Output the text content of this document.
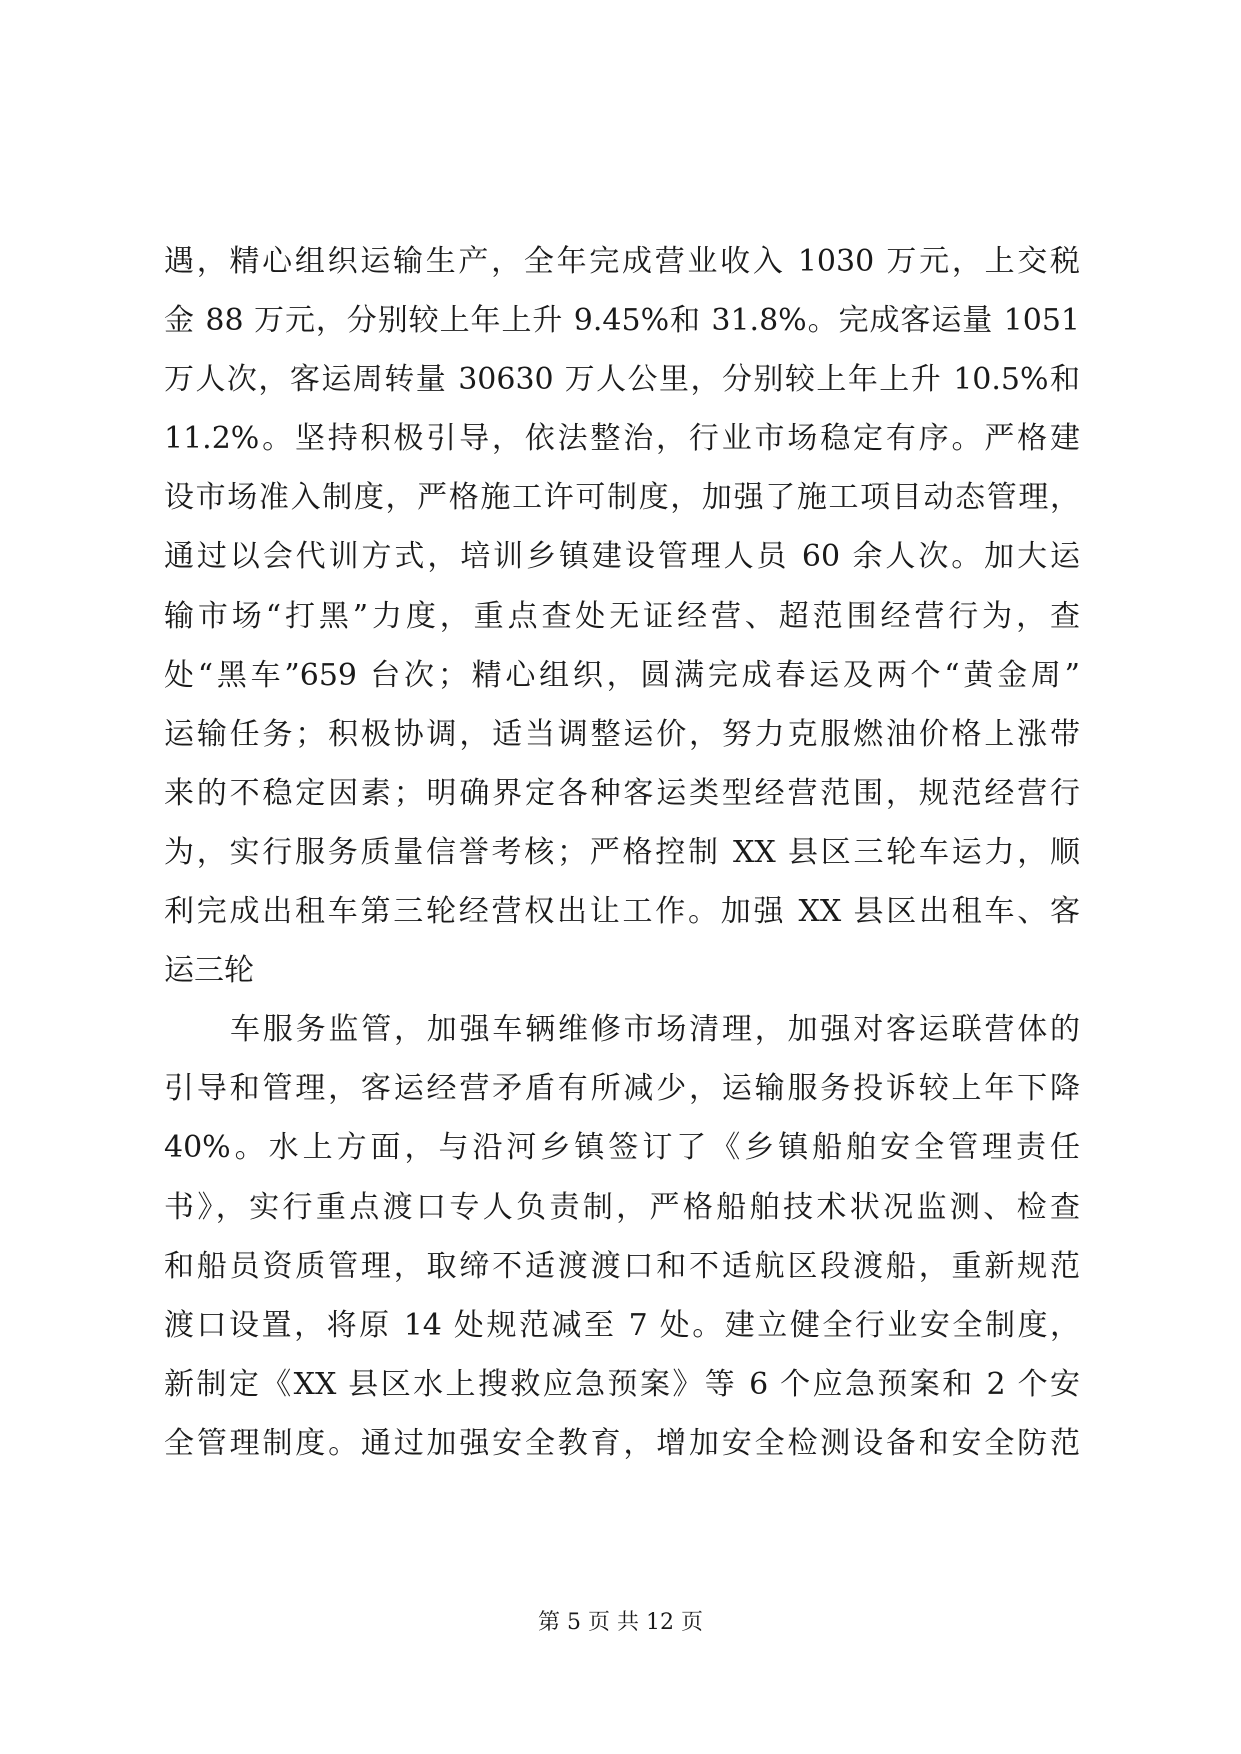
遇，精心组织运输生产，全年完成营业收入 1030 万元，上交税
金 88 万元，分别较上年上升 9.45%和 31.8%。完成客运量 1051
万人次，客运周转量 30630 万人公里，分别较上年上升 10.5%和
11.2%。坚持积极引导，依法整治，行业市场稳定有序。严格建
设市场准入制度，严格施工许可制度，加强了施工项目动态管理，
通过以会代训方式，培训乡镇建设管理人员 60 余人次。加大运
输市场“打黑”力度，重点查处无证经营、超范围经营行为，查
处“黑车”659 台次；精心组织，圆满完成春运及两个“黄金周”
运输任务；积极协调，适当调整运价，努力克服燃油价格上涨带
来的不稳定因素；明确界定各种客运类型经营范围，规范经营行
为，实行服务质量信誉考核；严格控制 XX 县区三轮车运力，顺
利完成出租车第三轮经营权出让工作。加强 XX 县区出租车、客
运三轮
车服务监管，加强车辆维修市场清理，加强对客运联营体的
引导和管理，客运经营矛盾有所减少，运输服务投诉较上年下降
40%。水上方面，与沿河乡镇签订了《乡镇船舶安全管理责任
书》，实行重点渡口专人负责制，严格船舶技术状况监测、检查
和船员资质管理，取缔不适渡渡口和不适航区段渡船，重新规范
渡口设置，将原 14 处规范减至 7 处。建立健全行业安全制度，
新制定《XX 县区水上搜救应急预案》等 6 个应急预案和 2 个安
全管理制度。通过加强安全教育，增加安全检测设备和安全防范
第 5 页 共 12 页
